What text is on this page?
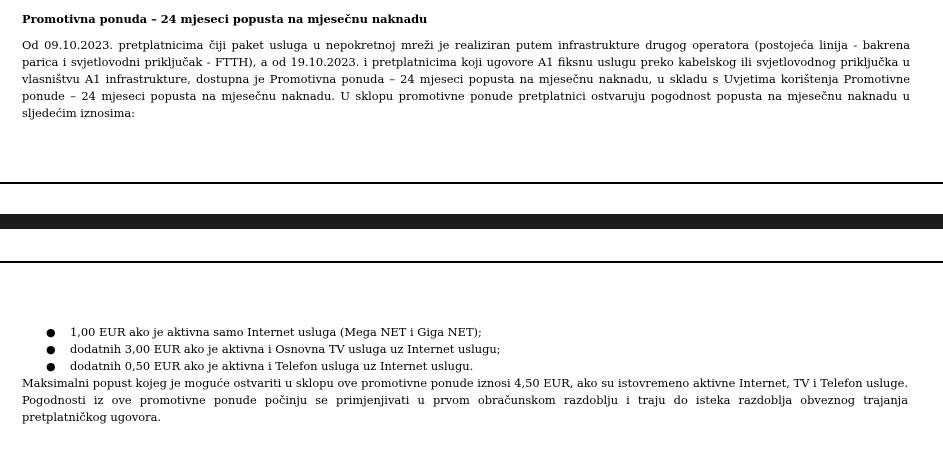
Promotivna ponuda – 24 mjeseci popusta na mjesečnu naknadu

Od 09.10.2023. pretplatnicima čiji paket usluga u nepokretnoj mreži je realiziran putem infrastrukture drugog operatora (postojeća linija - bakrena parica i svjetlovodni priključak - FTTH), a od 19.10.2023. i pretplatnicima koji ugovore A1 fiksnu uslugu preko kabelskog ili svjetlovodnog priključka u vlasništvu A1 infrastrukture, dostupna je Promotivna ponuda – 24 mjeseci popusta na mjesečnu naknadu, u skladu s Uvjetima korištenja Promotivne ponude – 24 mjeseci popusta na mjesečnu naknadu. U sklopu promotivne ponude pretplatnici ostvaruju pogodnost popusta na mjesečnu naknadu u sljedećim iznosima:

● 1,00 EUR ako je aktivna samo Internet usluga (Mega NET i Giga NET);
● dodatnih 3,00 EUR ako je aktivna i Osnovna TV usluga uz Internet uslugu;
● dodatnih 0,50 EUR ako je aktivna i Telefon usluga uz Internet uslugu.

Maksimalni popust kojeg je moguće ostvariti u sklopu ove promotivne ponude iznosi 4,50 EUR, ako su istovremeno aktivne Internet, TV i Telefon usluge. Pogodnosti iz ove promotivne ponude počinju se primjenjivati u prvom obračunskom razdoblju i traju do isteka razdoblja obveznog trajanja pretplatničkog ugovora.
